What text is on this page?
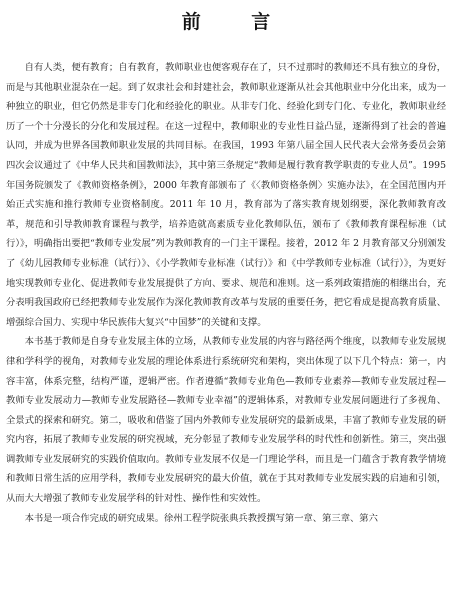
前 言

自有人类，便有教育；自有教育，教师职业也便客观存在了，只不过那时的教师还不具有独立的身份，而是与其他职业混杂在一起。到了奴隶社会和封建社会，教师职业逐渐从社会其他职业中分化出来，成为一种独立的职业，但它仍然是非专门化和经验化的职业。从非专门化、经验化到专门化、专业化，教师职业经历了一个十分漫长的分化和发展过程。在这一过程中，教师职业的专业性日益凸显，逐渐得到了社会的普遍认同，并成为世界各国教师职业发展的共同目标。在我国，1993 年第八届全国人民代表大会常务委员会第四次会议通过了《中华人民共和国教师法》，其中第三条规定“教师是履行教育教学职责的专业人员”。1995 年国务院颁发了《教师资格条例》，2000 年教育部颁布了《〈教师资格条例〉实施办法》，在全国范围内开始正式实施和推行教师专业资格制度。2011 年 10 月，教育部为了落实教育规划纲要，深化教师教育改革，规范和引导教师教育课程与教学，培养造就高素质专业化教师队伍，颁布了《教师教育课程标准（试行）》，明确指出要把“教师专业发展”列为教师教育的一门主干课程。接着，2012 年 2 月教育部又分别颁发了《幼儿园教师专业标准（试行）》、《小学教师专业标准（试行）》和《中学教师专业标准（试行）》，为更好地实现教师专业化、促进教师专业发展提供了方向、要求、规范和准则。这一系列政策措施的相继出台，充分表明我国政府已经把教师专业发展作为深化教师教育改革与发展的重要任务，把它看成是提高教育质量、增强综合国力、实现中华民族伟大复兴“中国梦”的关键和支撑。

本书基于教师是自身专业发展主体的立场，从教师专业发展的内容与路径两个维度，以教师专业发展规律和学科学的视角，对教师专业发展的理论体系进行系统研究和架构，突出体现了以下几个特点：第一，内容丰富，体系完整，结构严谨，逻辑严密。作者遵循“教师专业角色—教师专业素养—教师专业发展过程—教师专业发展动力—教师专业发展路径—教师专业幸福”的逻辑体系，对教师专业发展问题进行了多视角、全景式的探索和研究。第二，吸收和借鉴了国内外教师专业发展研究的最新成果，丰富了教师专业发展的研究内容，拓展了教师专业发展的研究视域，充分彰显了教师专业发展学科的时代性和创新性。第三，突出强调教师专业发展研究的实践价值取向。教师专业发展不仅是一门理论学科，而且是一门蕴含于教育教学情境和教师日常生活的应用学科，教师专业发展研究的最大价值，就在于其对教师专业发展实践的启迪和引领，从而大大增强了教师专业发展学科的针对性、操作性和实效性。

本书是一项合作完成的研究成果。徐州工程学院张典兵教授撰写第一章、第三章、第六
